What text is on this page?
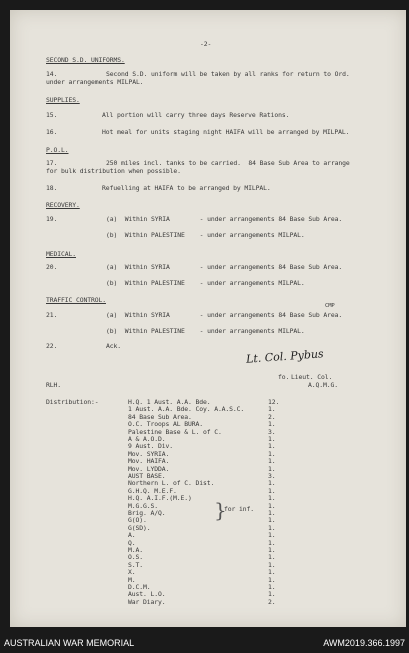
-2-
SECOND S.D. UNIFORMS.
14.	Second S.D. uniform will be taken by all ranks for return to Ord.
under arrangements MILPAL.
SUPPLIES.
15.	All portion will carry three days Reserve Rations.
16.	Hot meal for units staging night HAIFA will be arranged by MILPAL.
P.O.L.
17.	250 miles incl. tanks to be carried.  84 Base Sub Area to arrange
for bulk distribution when possible.
18.	Refuelling at HAIFA to be arranged by MILPAL.
RECOVERY.
19.	(a)  Within SYRIA        - under arrangements 84 Base Sub Area.
(b)  Within PALESTINE    - under arrangements MILPAL.
MEDICAL.
20.	(a)  Within SYRIA        - under arrangements 84 Base Sub Area.
(b)  Within PALESTINE    - under arrangements MILPAL.
TRAFFIC CONTROL.
CMP
21.	(a)  Within SYRIA        - under arrangements 84 Base Sub Area.
(b)  Within PALESTINE    - under arrangements MILPAL.
22.	Ack.
Lt. Col. Pybus
fo. Lieut. Col.
A.Q.M.G.
RLH.
Distribution:-	H.Q. 1 Aust. A.A. Bde.	12.
1 Aust. A.A. Bde. Coy. A.A.S.C.	1.
84 Base Sub Area.	2.
O.C. Troops AL BURA.	1.
Palestine Base & L. of C.	3.
A & A.O.D.	1.
9 Aust. Div.	1.
Mov. SYRIA.	1.
Mov. HAIFA.	1.
Mov. LYDDA.	1.
AUST BASE.	3.
Northern L. of C. Dist.	1.
G.H.Q. M.E.F.	1.
H.Q. A.I.F.(M.E.)	1.
M.G.G.S.	1.
Brig. A/Q.	1.
G(O).	1.
G(SD).	1.
A.	1.
Q.	1.
M.A.	1.
O.S.	1.
S.T.	1.
X.	1.
M.	1.
D.C.M.	1.
Aust. L.O.	1.
War Diary.	2.
}
for inf.
AUSTRALIAN WAR MEMORIAL	AWM2019.366.1997
